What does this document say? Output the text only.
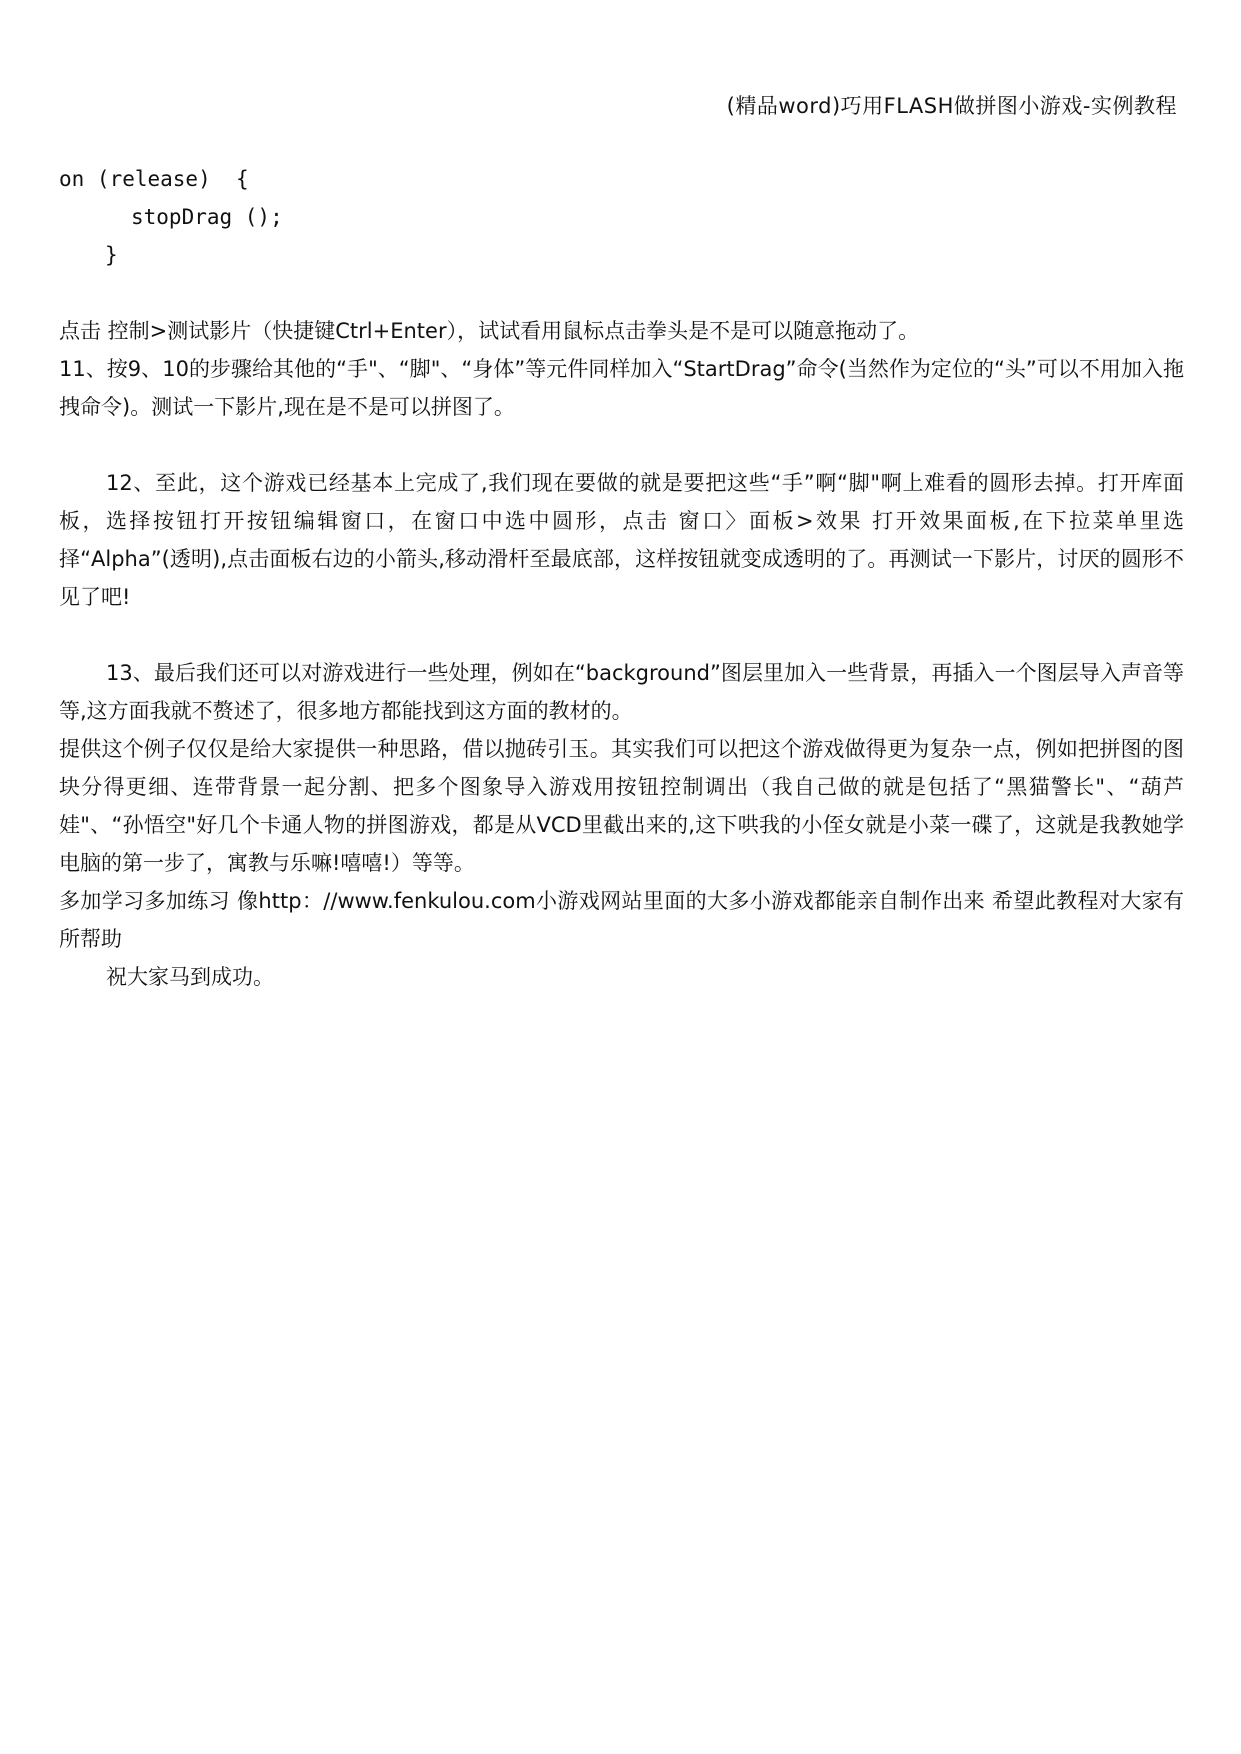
(精品word)巧用FLASH做拼图小游戏-实例教程
on (release)  {
stopDrag ();
}

点击 控制>测试影片（快捷键Ctrl+Enter），试试看用鼠标点击拳头是不是可以随意拖动了。

11、按9、10的步骤给其他的“手"、“脚"、“身体”等元件同样加入“StartDrag”命令(当然作为定位的“头”可以不用加入拖拽命令)。测试一下影片,现在是不是可以拼图了。

12、至此，这个游戏已经基本上完成了,我们现在要做的就是要把这些“手”啊“脚"啊上难看的圆形去掉。打开库面板，选择按钮打开按钮编辑窗口，在窗口中选中圆形，点击 窗口〉面板>效果 打开效果面板,在下拉菜单里选择“Alpha”(透明),点击面板右边的小箭头,移动滑杆至最底部，这样按钮就变成透明的了。再测试一下影片，讨厌的圆形不见了吧!

13、最后我们还可以对游戏进行一些处理，例如在“background”图层里加入一些背景，再插入一个图层导入声音等等,这方面我就不赘述了，很多地方都能找到这方面的教材的。

提供这个例子仅仅是给大家提供一种思路，借以抛砖引玉。其实我们可以把这个游戏做得更为复杂一点，例如把拼图的图块分得更细、连带背景一起分割、把多个图象导入游戏用按钮控制调出（我自己做的就是包括了“黑猫警长"、“葫芦娃"、“孙悟空"好几个卡通人物的拼图游戏，都是从VCD里截出来的,这下哄我的小侄女就是小菜一碟了，这就是我教她学电脑的第一步了，寓教与乐嘛!嘻嘻!）等等。

多加学习多加练习 像http：//www.fenkulou.com小游戏网站里面的大多小游戏都能亲自制作出来 希望此教程对大家有所帮助

祝大家马到成功。
